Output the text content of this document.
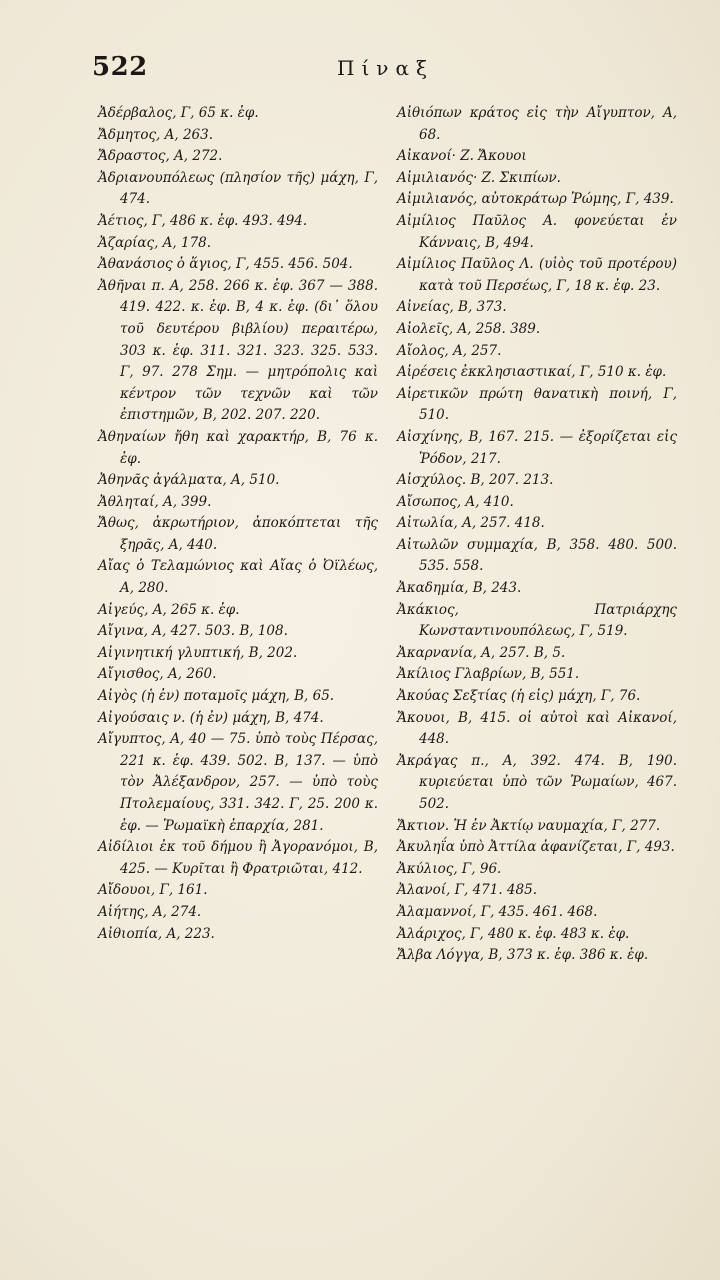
522	Πίναξ
Ἀδέρβαλος, Γ, 65 κ. ἑφ.
Ἄδμητος, Α, 263.
Ἄδραστος, Α, 272.
Ἀδριανουπόλεως (πλησίον τῆς) μάχη, Γ, 474.
Ἀέτιος, Γ, 486 κ. ἑφ. 493. 494.
Ἀζαρίας, Α, 178.
Ἀθανάσιος ὁ ἅγιος, Γ, 455. 456. 504.
Ἀθῆναι π. Α, 258. 266 κ. ἑφ. 367 — 388. 419. 422. κ. ἑφ. Β, 4 κ. ἑφ. (δι᾽ ὅλου τοῦ δευτέρου βιβλίου) περαιτέρω, 303 κ. ἑφ. 311. 321. 323. 325. 533. Γ, 97. 278 Σημ. — μητρόπολις καὶ κέντρον τῶν τεχνῶν καὶ τῶν ἐπιστημῶν, Β, 202. 207. 220.
Ἀθηναίων ἤθη καὶ χαρακτήρ, Β, 76 κ. ἑφ.
Ἀθηνᾶς ἀγάλματα, Α, 510.
Ἀθληταί, Α, 399.
Ἄθως, ἀκρωτήριον, ἀποκόπτεται τῆς ξηρᾶς, Α, 440.
Αἴας ὁ Τελαμώνιος καὶ Αἴας ὁ Ὀϊλέως, Α, 280.
Αἰγεύς, Α, 265 κ. ἑφ.
Αἴγινα, Α, 427. 503. Β, 108.
Αἰγινητική γλυπτική, Β, 202.
Αἴγισθος, Α, 260.
Αἰγὸς (ἡ ἐν) ποταμοῖς μάχη, Β, 65.
Αἰγούσαις ν. (ἡ ἐν) μάχη, Β, 474.
Αἴγυπτος, Α, 40 — 75. ὑπὸ τοὺς Πέρσας, 221 κ. ἑφ. 439. 502. Β, 137. — ὑπὸ τὸν Ἀλέξανδρον, 257. — ὑπὸ τοὺς Πτολεμαίους, 331. 342. Γ, 25. 200 κ. ἑφ. — Ῥωμαϊκὴ ἐπαρχία, 281.
Αἰδίλιοι ἐκ τοῦ δήμου ἢ Ἀγορανόμοι, Β, 425. — Κυρῖται ἢ Φρατριῶται, 412.
Αἴδουοι, Γ, 161.
Αἰήτης, Α, 274.
Αἰθιοπία, Α, 223.
Αἰθιόπων κράτος εἰς τὴν Αἴγυπτον, Α, 68.
Αἰκανοί· Ζ. Ἄκουοι
Αἰμιλιανός· Ζ. Σκιπίων.
Αἰμιλιανός, αὐτοκράτωρ Ῥώμης, Γ, 439.
Αἰμίλιος Παῦλος Α. φονεύεται ἐν Κάνναις, Β, 494.
Αἰμίλιος Παῦλος Λ. (υἱὸς τοῦ προτέρου) κατὰ τοῦ Περσέως, Γ, 18 κ. ἑφ. 23.
Αἰνείας, Β, 373.
Αἰολεῖς, Α, 258. 389.
Αἴολος, Α, 257.
Αἱρέσεις ἐκκλησιαστικαί, Γ, 510 κ. ἑφ.
Αἱρετικῶν πρώτη θανατικὴ ποινή, Γ, 510.
Αἰσχίνης, Β, 167. 215. — ἐξορίζεται εἰς Ῥόδον, 217.
Αἰσχύλος. Β, 207. 213.
Αἴσωπος, Α, 410.
Αἰτωλία, Α, 257. 418.
Αἰτωλῶν συμμαχία, Β, 358. 480. 500. 535. 558.
Ἀκαδημία, Β, 243.
Ἀκάκιος, Πατριάρχης Κωνσταντινουπόλεως, Γ, 519.
Ἀκαρνανία, Α, 257. Β, 5.
Ἀκίλιος Γλαβρίων, Β, 551.
Ἀκούας Σεξτίας (ἡ εἰς) μάχη, Γ, 76.
Ἄκουοι, Β, 415. οἱ αὐτοὶ καὶ Αἰκανοί, 448.
Ἀκράγας π., Α, 392. 474. Β, 190. κυριεύεται ὑπὸ τῶν Ῥωμαίων, 467. 502.
Ἄκτιον. Ἡ ἐν Ἀκτίῳ ναυμαχία, Γ, 277.
Ἀκυληΐα ὑπὸ Ἀττίλα ἀφανίζεται, Γ, 493.
Ἀκύλιος, Γ, 96.
Ἀλανοί, Γ, 471. 485.
Ἀλαμαννοί, Γ, 435. 461. 468.
Ἀλάριχος, Γ, 480 κ. ἑφ. 483 κ. ἑφ.
Ἄλβα Λόγγα, Β, 373 κ. ἑφ. 386 κ. ἑφ.
